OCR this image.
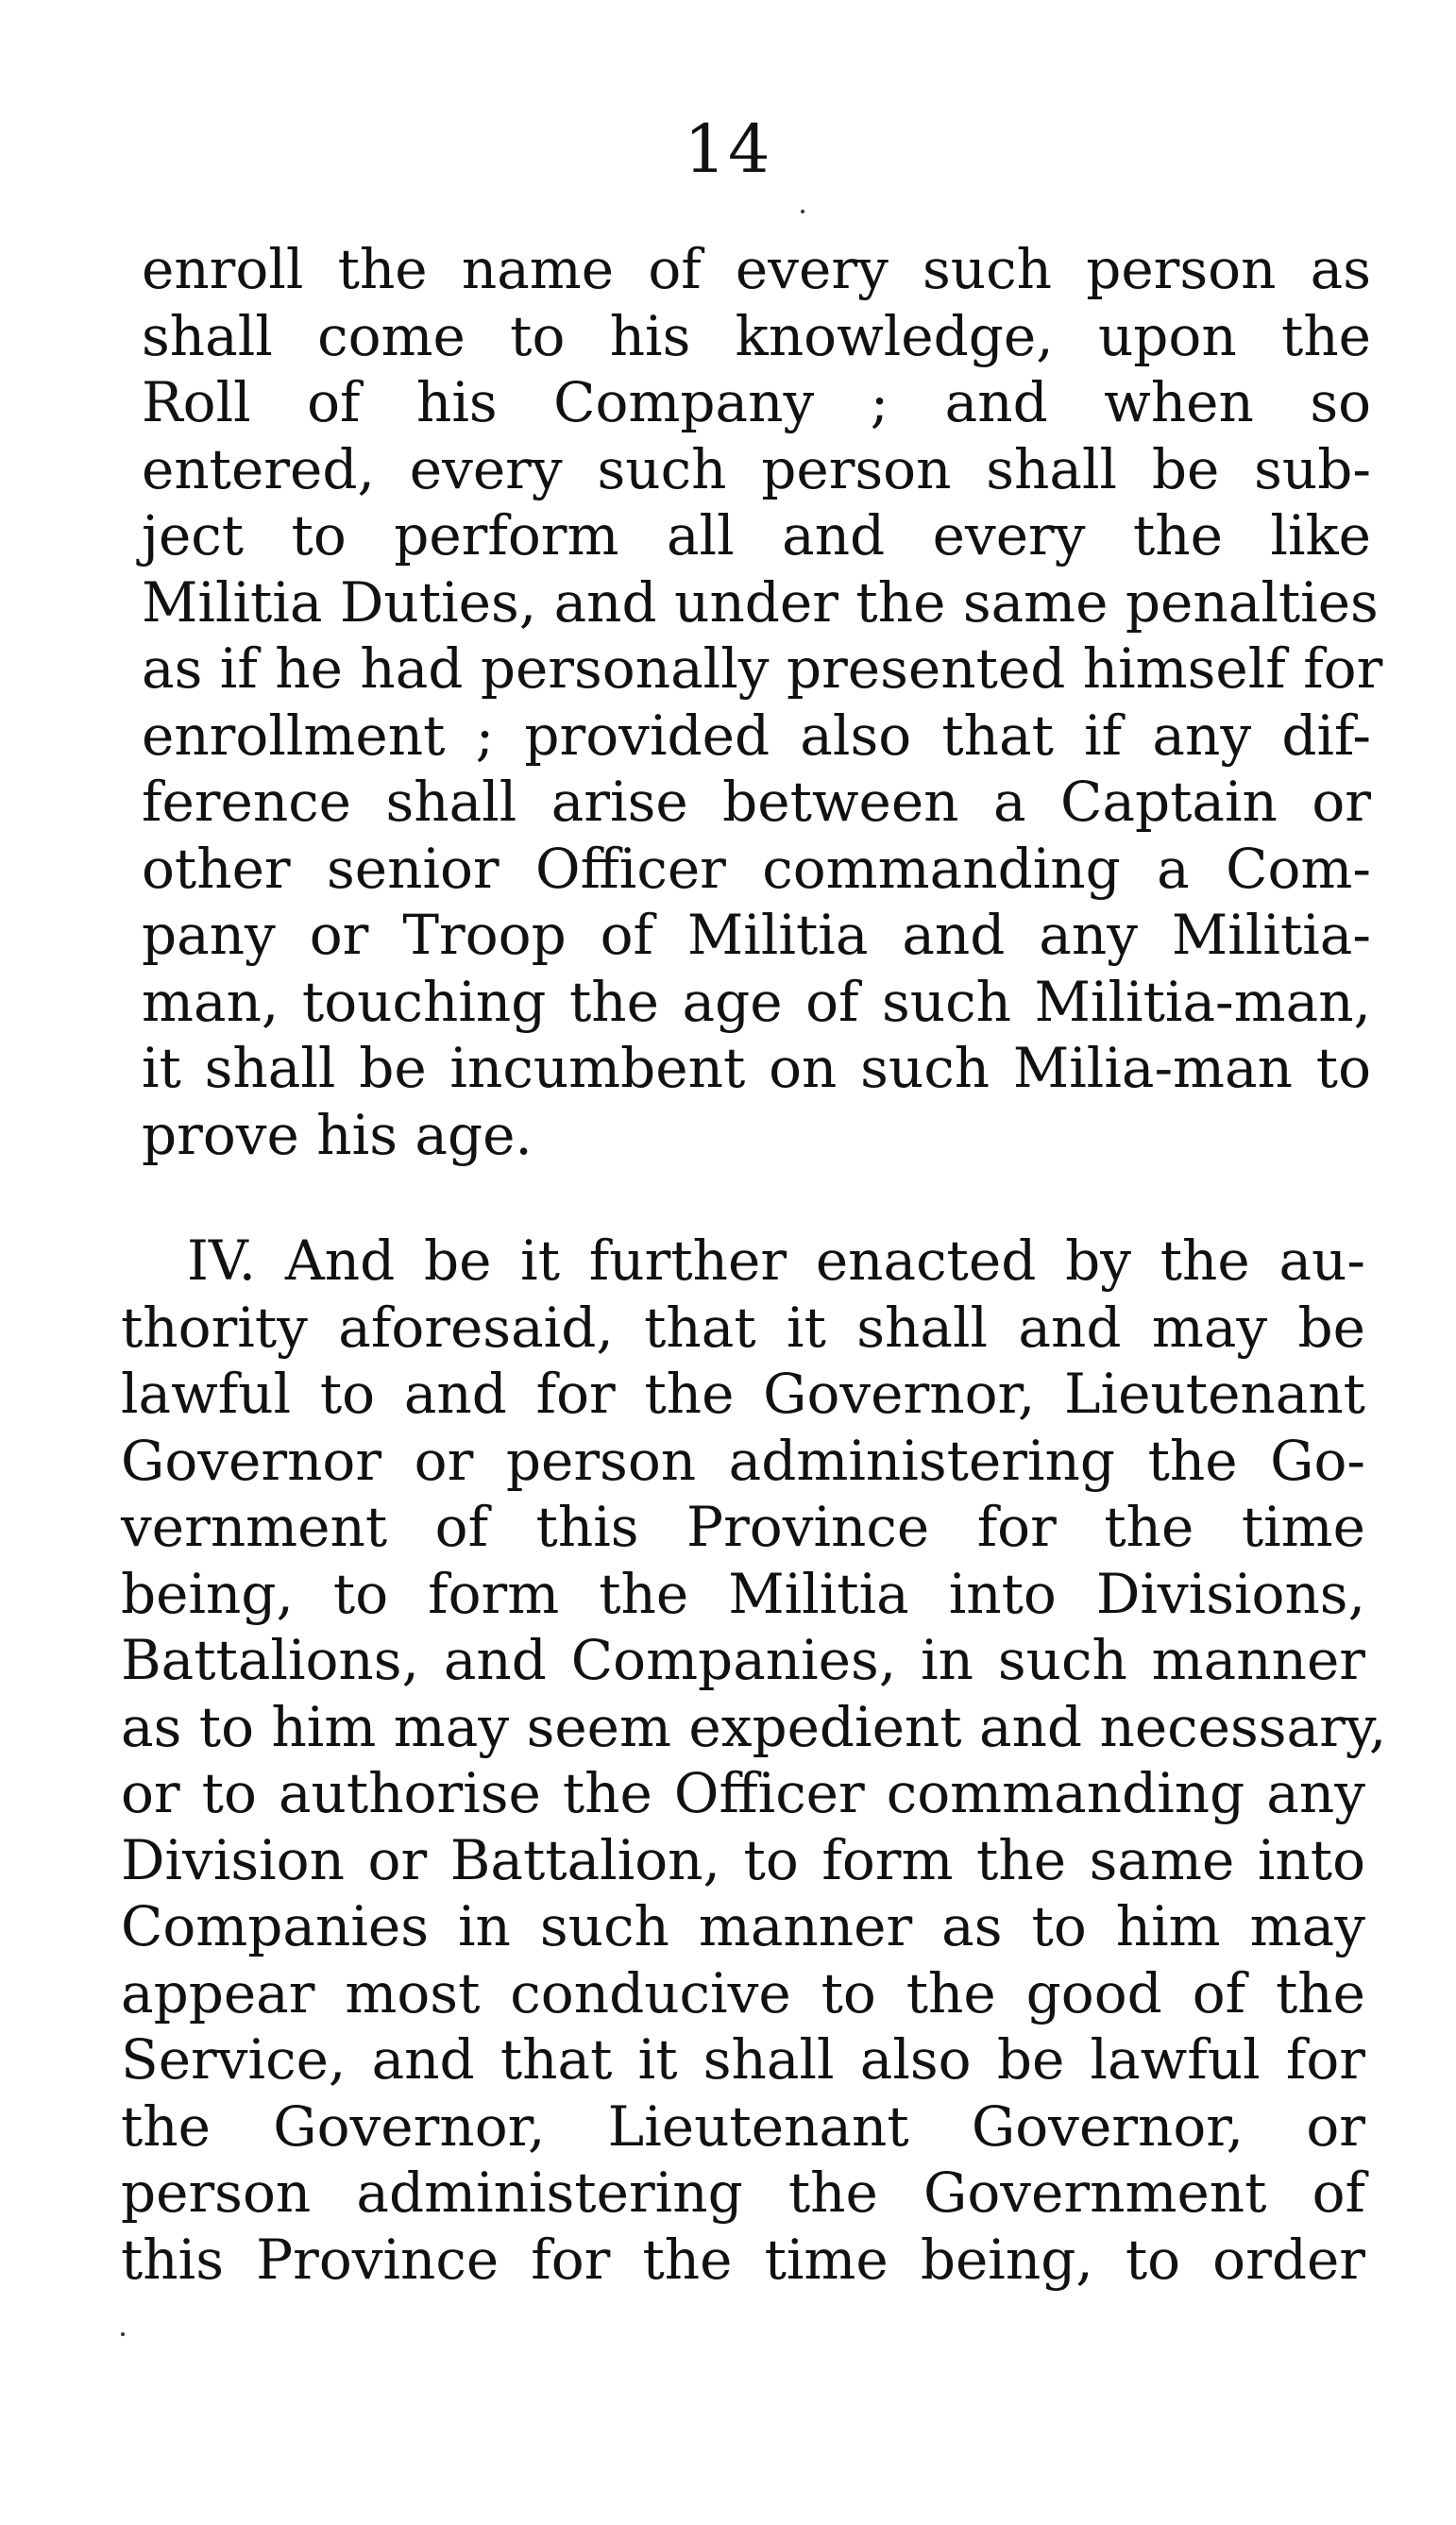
14

enroll the name of every such person as
shall come to his knowledge, upon the
Roll of his Company ; and when so
entered, every such person shall be sub-
ject to perform all and every the like
Militia Duties, and under the same penalties
as if he had personally presented himself for
enrollment ; provided also that if any dif-
ference shall arise between a Captain or
other senior Officer commanding a Com-
pany or Troop of Militia and any Militia-
man, touching the age of such Militia-man,
it shall be incumbent on such Milia-man to
prove his age.

IV. And be it further enacted by the au-
thority aforesaid, that it shall and may be
lawful to and for the Governor, Lieutenant
Governor or person administering the Go-
vernment of this Province for the time
being, to form the Militia into Divisions,
Battalions, and Companies, in such manner
as to him may seem expedient and necessary,
or to authorise the Officer commanding any
Division or Battalion, to form the same into
Companies in such manner as to him may
appear most conducive to the good of the
Service, and that it shall also be lawful for
the Governor, Lieutenant Governor, or
person administering the Government of
this Province for the time being, to order
